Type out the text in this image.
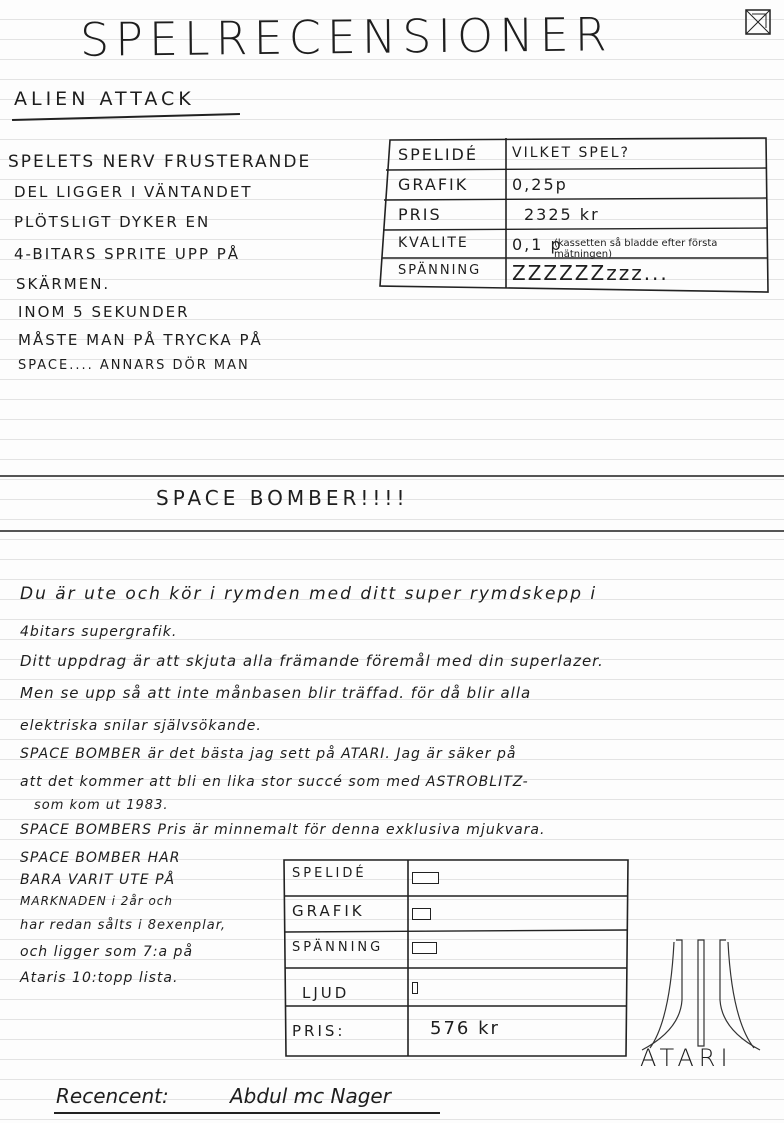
SPELRECENSIONER
ALIEN ATTACK
SPELETS NERV FRUSTERANDE
DEL LIGGER I VÄNTANDET
PLÖTSLIGT DYKER EN
4-BITARS SPRITE UPP PÅ
SKÄRMEN.
INOM 5 SEKUNDER
MÅSTE MAN PÅ TRYCKA PÅ
SPACE.... ANNARS DÖR MAN
SPELIDÉ VILKET SPEL?
GRAFIK	0,25p
PRIS	2325 kr
KVALITE	0,1 p
(kassetten så bladde efter första mätningen)
SPÄNNING ZZZZZZzzz...
SPACE BOMBER!!!!
Du är ute och kör i rymden med ditt super rymdskepp i
4bitars supergrafik.
Ditt uppdrag är att skjuta alla främande föremål med din superlazer.
Men se upp så att inte månbasen blir träffad. för då blir alla
elektriska snilar självsökande.
SPACE BOMBER är det bästa jag sett på ATARI. Jag är säker på
att det kommer att bli en lika stor succé som med ASTROBLITZ-
som kom ut 1983.
SPACE BOMBERS Pris är minnemalt för denna exklusiva mjukvara.
SPACE BOMBER HAR
BARA VARIT UTE PÅ
MARKNADEN i 2år och
har redan sålts i 8exenplar,
och ligger som 7:a på
Ataris 10:topp lista.
SPELIDÉ
GRAFIK
SPÄNNING
LJUD
PRIS:	576 kr
ATARI
Recencent:	Abdul mc Nager
